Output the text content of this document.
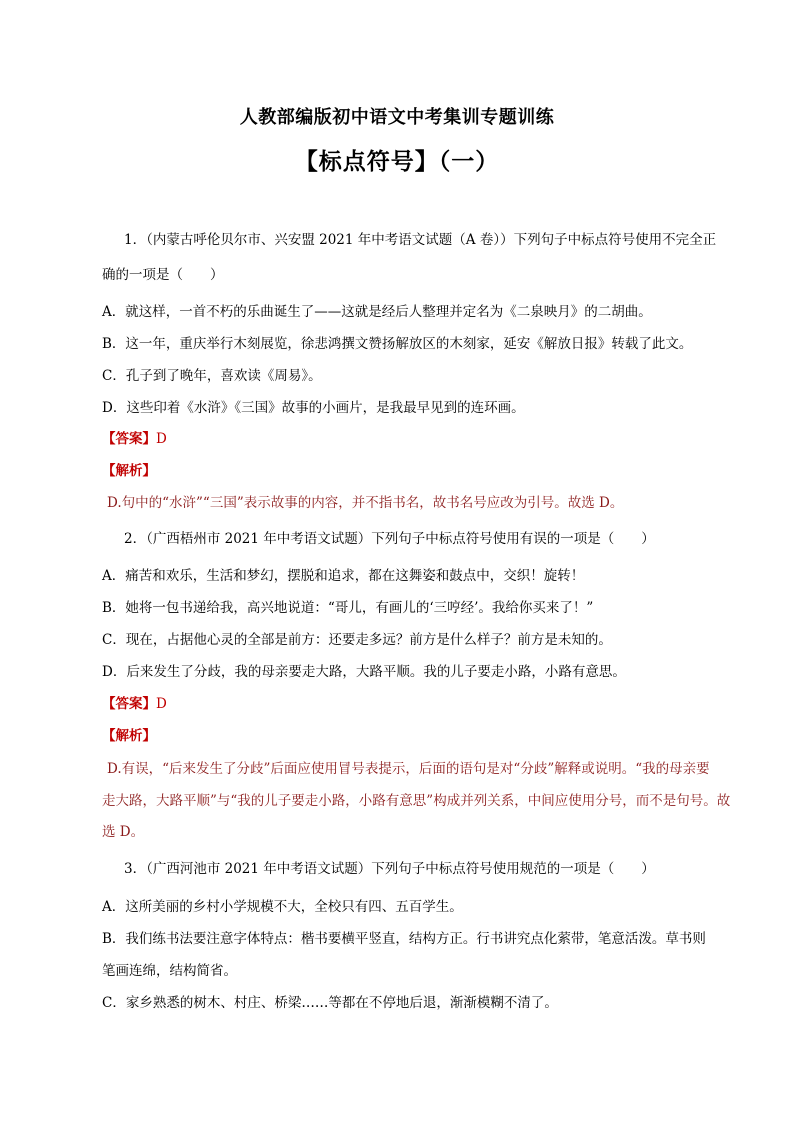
人教部编版初中语文中考集训专题训练
【标点符号】（一）
1．（内蒙古呼伦贝尔市、兴安盟 2021 年中考语文试题（A 卷））下列句子中标点符号使用不完全正
确的一项是（　　）
A．就这样，一首不朽的乐曲诞生了——这就是经后人整理并定名为《二泉映月》的二胡曲。
B．这一年，重庆举行木刻展览，徐悲鸿撰文赞扬解放区的木刻家，延安《解放日报》转载了此文。
C．孔子到了晚年，喜欢读《周易》。
D．这些印着《水浒》《三国》故事的小画片，是我最早见到的连环画。
【答案】D
【解析】
D.句中的“水浒”“三国”表示故事的内容，并不指书名，故书名号应改为引号。故选 D。
2．（广西梧州市 2021 年中考语文试题）下列句子中标点符号使用有误的一项是（　　）
A．痛苦和欢乐，生活和梦幻，摆脱和追求，都在这舞姿和鼓点中，交织！旋转！
B．她将一包书递给我，高兴地说道：“哥儿，有画儿的‘三哼经’。我给你买来了！”
C．现在，占据他心灵的全部是前方：还要走多远？前方是什么样子？前方是未知的。
D．后来发生了分歧，我的母亲要走大路，大路平顺。我的儿子要走小路，小路有意思。
【答案】D
【解析】
D.有误，“后来发生了分歧”后面应使用冒号表提示，后面的语句是对“分歧”解释或说明。“我的母亲要
走大路，大路平顺”与“我的儿子要走小路，小路有意思”构成并列关系，中间应使用分号，而不是句号。故
选 D。
3．（广西河池市 2021 年中考语文试题）下列句子中标点符号使用规范的一项是（　　）
A．这所美丽的乡村小学规模不大，全校只有四、五百学生。
B．我们练书法要注意字体特点：楷书要横平竖直，结构方正。行书讲究点化萦带，笔意活泼。草书则
笔画连绵，结构简省。
C．家乡熟悉的树木、村庄、桥梁……等都在不停地后退，渐渐模糊不清了。
